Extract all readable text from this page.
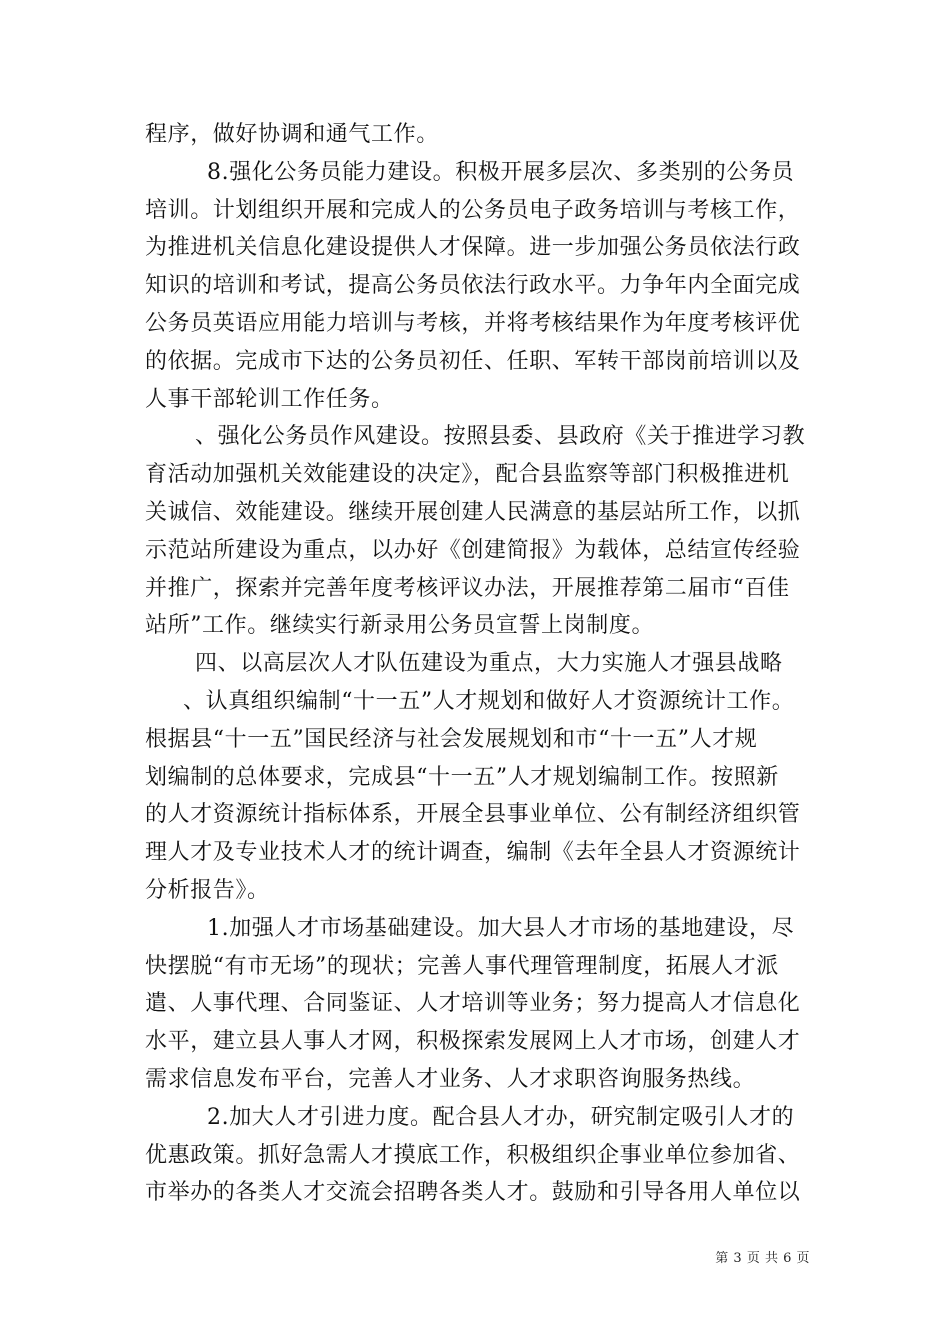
程序，做好协调和通气工作。
8.强化公务员能力建设。积极开展多层次、多类别的公务员
培训。计划组织开展和完成人的公务员电子政务培训与考核工作，
为推进机关信息化建设提供人才保障。进一步加强公务员依法行政
知识的培训和考试，提高公务员依法行政水平。力争年内全面完成
公务员英语应用能力培训与考核，并将考核结果作为年度考核评优
的依据。完成市下达的公务员初任、任职、军转干部岗前培训以及
人事干部轮训工作任务。
、强化公务员作风建设。按照县委、县政府《关于推进学习教
育活动加强机关效能建设的决定》，配合县监察等部门积极推进机
关诚信、效能建设。继续开展创建人民满意的基层站所工作，以抓
示范站所建设为重点，以办好《创建简报》为载体，总结宣传经验
并推广，探索并完善年度考核评议办法，开展推荐第二届市“百佳
站所”工作。继续实行新录用公务员宣誓上岗制度。
四、以高层次人才队伍建设为重点，大力实施人才强县战略
、认真组织编制“十一五”人才规划和做好人才资源统计工作。
根据县“十一五”国民经济与社会发展规划和市“十一五”人才规
划编制的总体要求，完成县“十一五”人才规划编制工作。按照新
的人才资源统计指标体系，开展全县事业单位、公有制经济组织管
理人才及专业技术人才的统计调查，编制《去年全县人才资源统计
分析报告》。
1.加强人才市场基础建设。加大县人才市场的基地建设，尽
快摆脱“有市无场”的现状；完善人事代理管理制度，拓展人才派
遣、人事代理、合同鉴证、人才培训等业务；努力提高人才信息化
水平，建立县人事人才网，积极探索发展网上人才市场，创建人才
需求信息发布平台，完善人才业务、人才求职咨询服务热线。
2.加大人才引进力度。配合县人才办，研究制定吸引人才的
优惠政策。抓好急需人才摸底工作，积极组织企事业单位参加省、
市举办的各类人才交流会招聘各类人才。鼓励和引导各用人单位以
第 3 页 共 6 页
